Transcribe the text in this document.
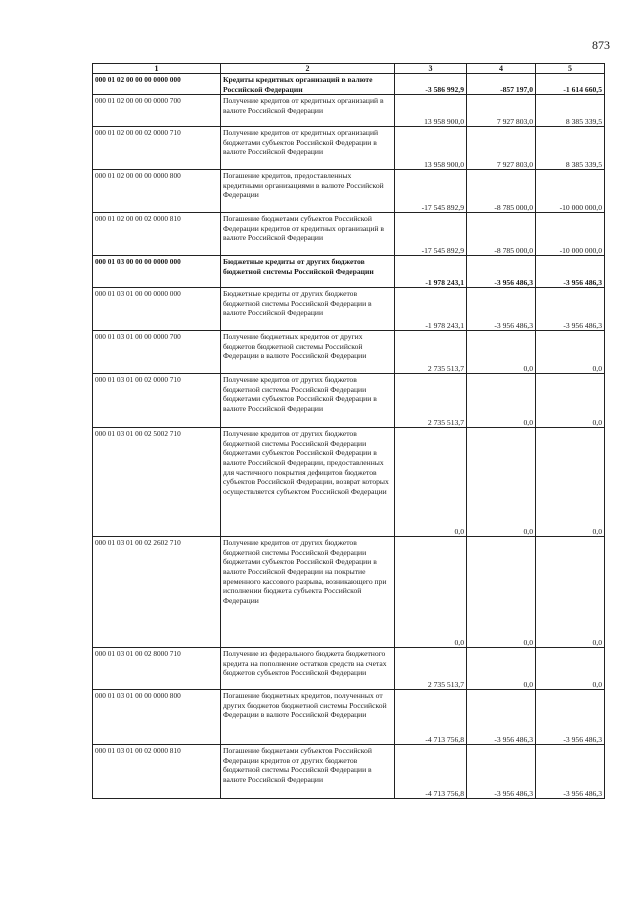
873
1	2	3	4	5
000 01 02 00 00 00 0000 000	Кредиты кредитных организаций в валюте Российской Федерации	-3 586 992,9	-857 197,0	-1 614 660,5
000 01 02 00 00 00 0000 700	Получение кредитов от кредитных организаций в валюте Российской Федерации	13 958 900,0	7 927 803,0	8 385 339,5
000 01 02 00 00 02 0000 710	Получение кредитов от кредитных организаций бюджетами субъектов Российской Федерации в валюте Российской Федерации	13 958 900,0	7 927 803,0	8 385 339,5
000 01 02 00 00 00 0000 800	Погашение кредитов, предоставленных кредитными организациями в валюте Российской Федерации	-17 545 892,9	-8 785 000,0	-10 000 000,0
000 01 02 00 00 02 0000 810	Погашение бюджетами субъектов Российской Федерации кредитов от кредитных организаций в валюте Российской Федерации	-17 545 892,9	-8 785 000,0	-10 000 000,0
000 01 03 00 00 00 0000 000	Бюджетные кредиты от других бюджетов бюджетной системы Российской Федерации	-1 978 243,1	-3 956 486,3	-3 956 486,3
000 01 03 01 00 00 0000 000	Бюджетные кредиты от других бюджетов бюджетной системы Российской Федерации в валюте Российской Федерации	-1 978 243,1	-3 956 486,3	-3 956 486,3
000 01 03 01 00 00 0000 700	Получение бюджетных кредитов от других бюджетов бюджетной системы Российской Федерации в валюте Российской Федерации	2 735 513,7	0,0	0,0
000 01 03 01 00 02 0000 710	Получение кредитов от других бюджетов бюджетной системы Российской Федерации бюджетами субъектов Российской Федерации в валюте Российской Федерации	2 735 513,7	0,0	0,0
000 01 03 01 00 02 5002 710	Получение кредитов от других бюджетов бюджетной системы Российской Федерации бюджетами субъектов Российской Федерации в валюте Российской Федерации, предоставленных для частичного покрытия дефицитов бюджетов субъектов Российской Федерации, возврат которых осуществляется субъектом Российской Федерации	0,0	0,0	0,0
000 01 03 01 00 02 2602 710	Получение кредитов от других бюджетов бюджетной системы Российской Федерации бюджетами субъектов Российской Федерации в валюте Российской Федерации на покрытие временного кассового разрыва, возникающего при исполнении бюджета субъекта Российской Федерации	0,0	0,0	0,0
000 01 03 01 00 02 8000 710	Получение из федерального бюджета бюджетного кредита на пополнение остатков средств на счетах бюджетов субъектов Российской Федерации	2 735 513,7	0,0	0,0
000 01 03 01 00 00 0000 800	Погашение бюджетных кредитов, полученных от других бюджетов бюджетной системы Российской Федерации в валюте Российской Федерации	-4 713 756,8	-3 956 486,3	-3 956 486,3
000 01 03 01 00 02 0000 810	Погашение бюджетами субъектов Российской Федерации кредитов от других бюджетов бюджетной системы Российской Федерации в валюте Российской Федерации	-4 713 756,8	-3 956 486,3	-3 956 486,3
